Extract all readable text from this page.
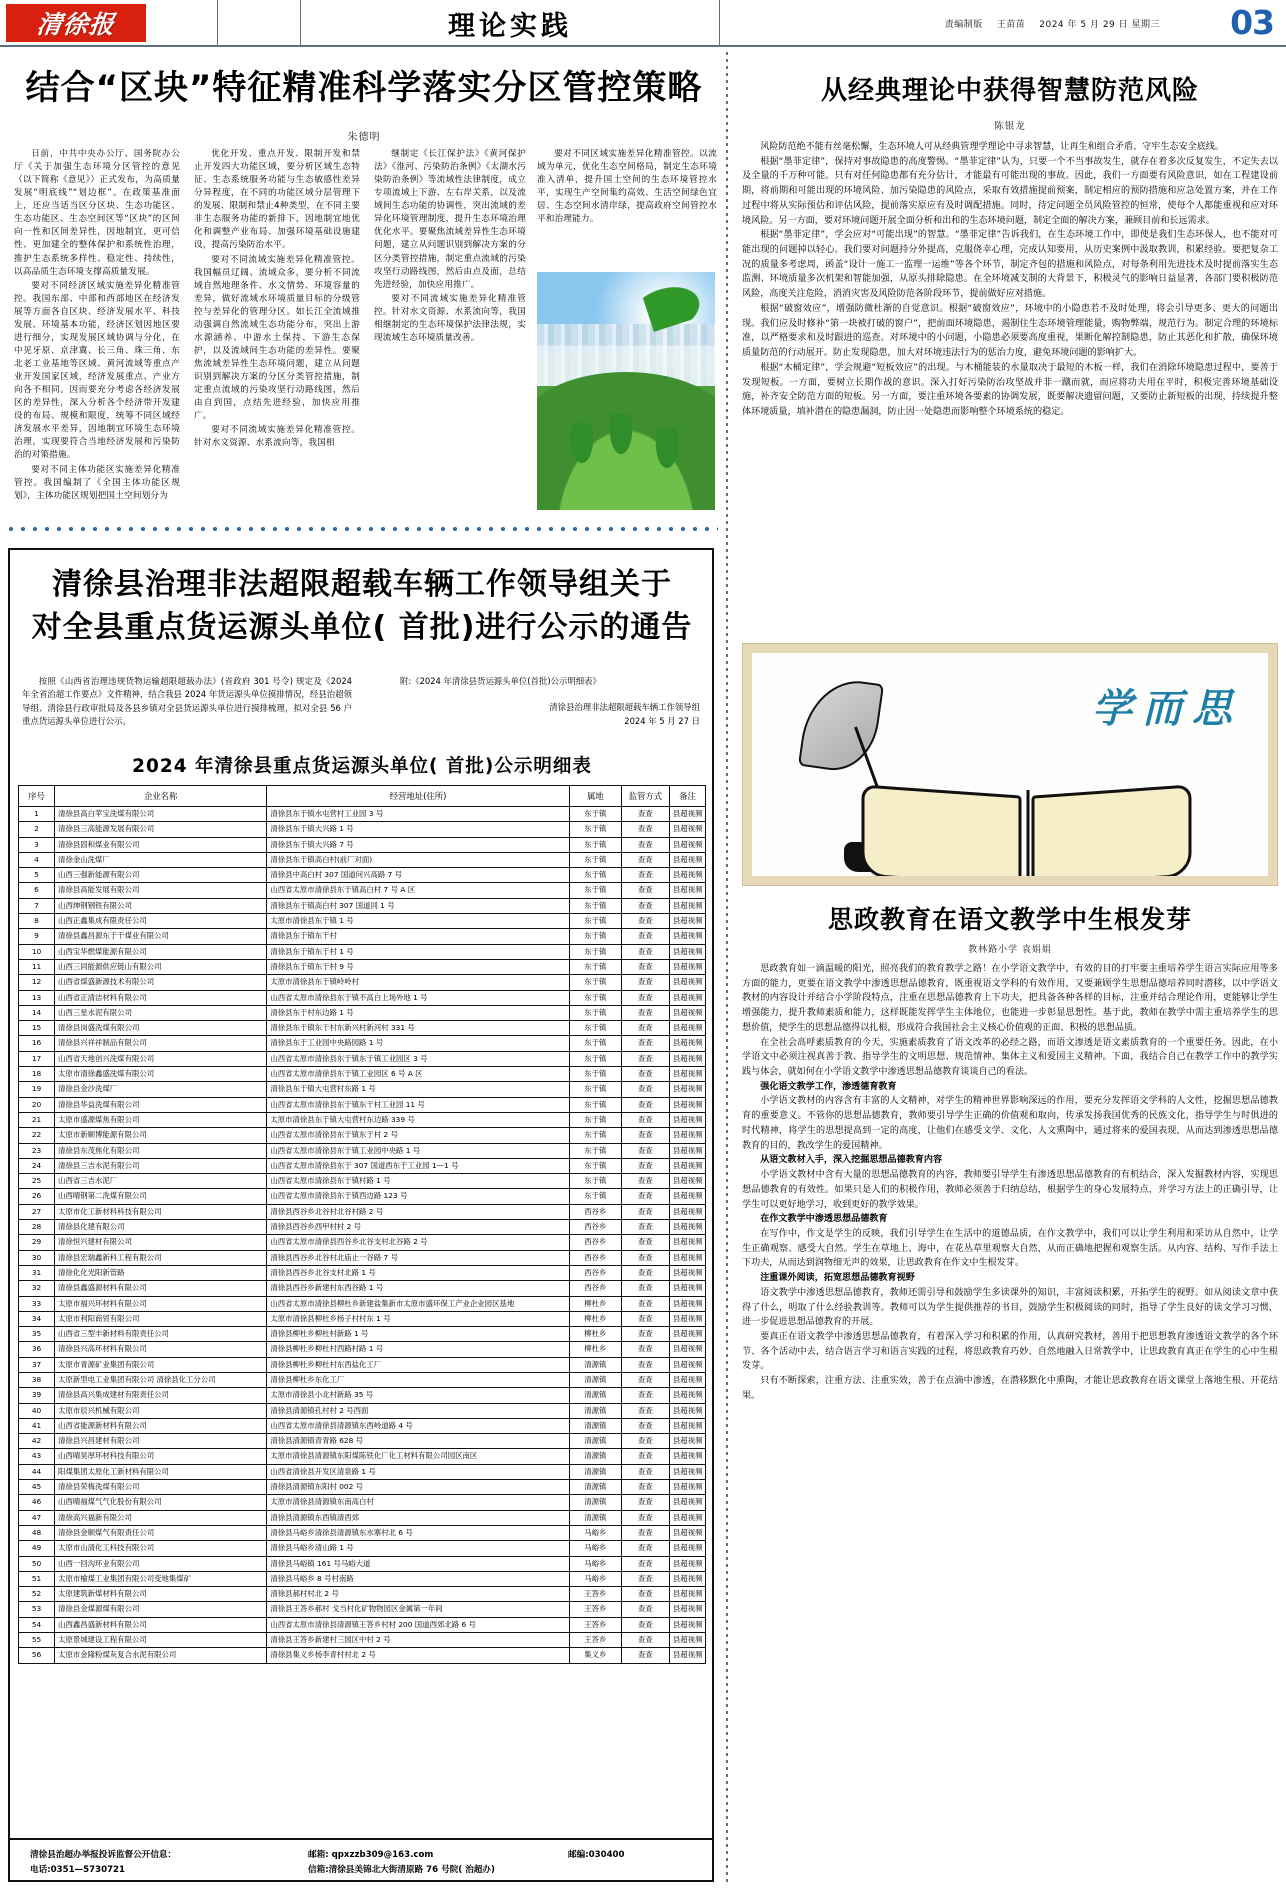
清徐报	理论实践	责编制版 王苗苗 2024 年 5 月 29 日 星期三 03
结合“区块”特征精准科学落实分区管控策略
朱德明

日前，中共中央办公厅、国务院办公厅《关于加强生态环境分区管控的意见（以下简称《意见》）正式发布，为高质量发展“明底线”“划边框”。在政策基准面上，还应当适当区分区块、生态功能区、生态功能区、生态空间区等“区块”的区间向一性和区间差异性，因地制宜，更可信性、更加建全的整体保护和系统性治理，推护生态系统多样性、稳定性、持续性，以高品质生态环境支撑高质量发展。

要对不同经济区域实施差异化精准管控。我国东部、中部和西部地区在经济发展等方面各自区块、经济发展水平、科技发展、环境基本功能，经济区划因地区要进行细分，实现发展区域协调与分化，在中见牙原、京津冀、长三角、珠三角、东北老工业基地等区域、黄河流域等重点产业开发国家区域，经济发展重点、产业方向各不相同。因而要充分考虑各经济发展区的差异性，深入分析各个经济带开发建设的布局、规模和限度，统筹不同区域经济发展水平差异，因地制宜环境生态环境治理，实现要符合当地经济发展和污染防治的对策措施。

要对不同主体功能区实施差异化精准管控。我国编制了《全国主体功能区规划》，主体功能区规划把国土空间划分为

优化开发、重点开发、限制开发和禁止开发四大功能区域，要分析区域生态特征、生态系统服务功能与生态敏感性差异分异程度，在不同的功能区域分层管理下的发展、限制和禁止4种类型，在不同主要非生态服务功能的新排下，因地制宜地优化和调整产业布局、加强环境基础设施建设，提高污染防治水平。

要对不同流域实施差异化精准管控。我国幅员辽阔、流域众多，要分析不同流域自然地理条件、水文情势、环境容量的差异，做好流域水环境质量目标的分级管控与差异化的管理分区。如长江全流域推动强调自然流域生态功能分布，突出上游水源涵养、中游水土保持、下游生态保护，以及流域间生态功能的差异性。要聚焦流域差异性生态环境问题，建立从问题识别到解决方案的分区分类管控措施，制定重点流域的污染攻坚行动路线图，然后由自到国，点结先进经验，加快应用推广。

要对不同流域实施差异化精准管控。针对水文资源、水系流向等，我国相

继制定《长江保护法》《黄河保护法》《淮河、污染防治条例》《太湖水污染防治条例》等流域性法律制度，成立专项流域上下游、左右岸关系，以及流域间生态功能的协调性，突出流域的差异化环境管理制度，提升生态环境治理优化水平。要聚焦流域差异性生态环境问题，建立从问题识别到解决方案的分区分类管控措施，制定重点流域的污染攻坚行动路线图，然后由点及面，总结先进经验，加快应用推广。

要对不同流域实施差异化精准管控。针对水文资源、水系流向等，我国相继制定的生态环境保护法律法规，实现流域生态环境质量改善。

要对不同区域实施差异化精准管控。以流域为单元，优化生态空间格局，制定生态环境准入清单，提升国土空间的生态环境管控水平，实现生产空间集约高效、生活空间绿色宜居、生态空间水清岸绿，提高政府空间管控水平和治理能力。

清徐县治理非法超限超载车辆工作领导组关于
对全县重点货运源头单位( 首批)进行公示的通告

按照《山西省治理违规货物运输超限超载办法》(省政府 301 号令) 规定及《2024 年全省治超工作要点》文件精神，结合我县 2024 年货运源头单位摸排情况，经县治超领导组、清徐县行政审批局及各县乡镇对全县货运源头单位进行摸排梳理，拟对全县 56 户重点货运源头单位进行公示。

附:《2024 年清徐县货运源头单位(首批)公示明细表》
清徐县治理非法超限超载车辆工作领导组
2024 年 5 月 27 日
2024 年清徐县重点货运源头单位( 首批)公示明细表
序号	企业名称	经营地址(住所)	属地	监管方式	备注
1	清徐县高白苹宝洗煤有限公司	清徐县东于镇水屯营村工业园 3 号	东于镇	查查	县超视频
2	清徐县三高能源发展有限公司	清徐县东于镇大兴路 1 号	东于镇	查查	县超视频
3	清徐县固和煤业有限公司	清徐县东于镇大兴路 7 号	东于镇	查查	县超视频
4	清徐金山洗煤厂	清徐县东于镇高白村(前厂对面)	东于镇	查查	县超视频
5	山西三强新能源有限公司	清徐县中高白村 307 国道问兴高路 7 号	东于镇	查查	县超视频
6	清徐县高能发展有限公司	山西省太原市清徐县东于镇高白村 7 号 A 区	东于镇	查查	县超视频
7	山西绅钢钢铁有限公司	清徐县东于镇高白村 307 国道同 1 号	东于镇	查查	县超视频
8	山西正鑫集成有限责任公司	太原市清徐县东于镇 1 号	东于镇	查查	县超视频
9	清徐县鑫昌源东于干煤业有限公司	清徐县东于镇东干村	东于镇	查查	县超视频
10	山西宝华燃煤能源有限公司	清徐县东于镇东于村 1 号	东于镇	查查	县超视频
11	山西三同能源供应链山有限公司	清徐县东于镇东于村 9 号	东于镇	查查	县超视频
12	山西省煤盛新源技术有限公司	太原市清徐县东于镇岭岭村	东于镇	查查	县超视频
13	山西省正清洁材料有限公司	山西省太原市清徐县东于镇不高白上场外地 1 号	东于镇	查查	县超视频
14	山西三星水泥有限公司	清徐县东于村东边路 1 号	东于镇	查查	县超视频
15	清徐县岗盛洗煤有限公司	清徐县东于镇东于村东新兴村新河村 331 号	东于镇	查查	县超视频
16	清徐县兴祥祥制品有限公司	清徐县东于工业园中央路园路 1 号	东于镇	查查	县超视频
17	山西省天地创兴洗煤有限公司	山西省太原市清徐县东于镇东于镇工业园区 3 号	东于镇	查查	县超视频
18	太原市清徐鑫盛洗煤有限公司	山西省太原市清徐县东于镇工业园区 6 号 A 区	东于镇	查查	县超视频
19	清徐县金沙洗煤厂	清徐县东于镇大屯营村东路 1 号	东于镇	查查	县超视频
20	清徐县华益洗煤有限公司	山西省太原市清徐县东于镇东干村工业园 11 号	东于镇	查查	县超视频
21	太原市盛源煤焦有限公司	太原市清徐县东于镇大屯营村东边路 339 号	东于镇	查查	县超视频
22	太原市新顺博能源有限公司	山西省太原市清徐县东于镇东于村 2 号	东于镇	查查	县超视频
23	清徐县东茂焦化有限公司	山西省太原市清徐县东于镇工业园中央路 1 号	东于镇	查查	县超视频
24	清徐县三吉水泥有限公司	山西省太原市清徐县东于 307 国道西东于工业园 1—1 号	东于镇	查查	县超视频
25	山西省三吉水泥厂	山西省太原市清徐县东于镇村路 1 号	东于镇	查查	县超视频
26	山西晴钢第二洗煤有限公司	山西省太原市清徐县东于镇西边路 123 号	东于镇	查查	县超视频
27	太原市化工新材料科技有限公司	清徐县西谷乡北谷村北谷村路 2 号	西谷乡	查查	县超视频
28	清徐县化建有限公司	清徐县西谷乡西甲村村 2 号	西谷乡	查查	县超视频
29	清徐恒兴建材有限公司	山西省太原市清徐县西谷乡北谷支村北谷路 2 号	西谷乡	查查	县超视频
30	清徐县宏瑞鑫新科工程有限公司	清徐县西谷乡北谷村北庙止一谷路 7 号	西谷乡	查查	县超视频
31	清徐化化光阳新管路	清徐县西谷乡北谷支村北路 1 号	西谷乡	查查	县超视频
32	清徐县鑫盛源材料有限公司	清徐县西谷乡新建村东西谷路 1 号	西谷乡	查查	县超视频
33	太原市福兴环材料有限公司	山西省太原市清徐县柳杜乡新建盐集新市太原市盛环保工产业企业园区基地	柳杜乡	查查	县超视频
34	太原市利阳商贸有限公司	太原市清徐县柳杜乡杨子村村东 1 号	柳杜乡	查查	县超视频
35	山西省三型丰新材料有限责任公司	清徐县柳杜乡柳杜村新路 1 号	柳杜乡	查查	县超视频
36	清徐县兴高环材料有限公司	清徐县柳杜乡柳杜村西路村路 1 号	柳杜乡	查查	县超视频
37	太原市青源矿业集团有限公司	清徐县柳杜乡柳杜村东西盐化工厂	清源镇	查查	县超视频
38	太原新型电工业集团有限公司 清徐县化工分公司	清徐县柳杜乡东化工厂	清源镇	查查	县超视频
39	清徐县高兴集成建材有限责任公司	太原市清徐县小北村新路 35 号	清源镇	查查	县超视频
40	太原市辰兴机械有限公司	清徐县清源镇孔村村 2 号西面	清源镇	查查	县超视频
41	山西省能源新材料有限公司	山西省太原市清徐县清源镇东西岭道路 4 号	清源镇	查查	县超视频
42	清徐县兴昌建材有限公司	清徐县清源镇青青路 628 号	清源镇	查查	县超视频
43	山西晴昊厚环材科技有限公司	太原市清徐县清源镇东阳煤陈铁化厂化工材料有限公司园区南区	清源镇	查查	县超视频
44	阳煤集团太原化工新材料有限公司	山西省清徐县开发区清泉路 1 号	清源镇	查查	县超视频
45	清徐县荣梅洗煤有限公司	清徐县清源镇东阳村 002 号	清源镇	查查	县超视频
46	山西晴福煤气气化股份有限公司	太原市清徐县清源镇东南高白村	清源镇	查查	县超视频
47	清徐高兴福新有限公司	清徐县清源镇东西镇清西郊	清源镇	查查	县超视频
48	清徐县金顺煤气有限责任公司	清徐县马峪乡清徐县清源镇东水寨村北 6 号	马峪乡	查查	县超视频
49	太原市山清化工科技有限公司	清徐县马峪乡清山路 1 号	马峪乡	查查	县超视频
50	山西一回沟环业有限公司	清徐县马峪镇 161 号马峪大道	马峪乡	查查	县超视频
51	太原市榆煤工业集团有限公司变地集煤矿	清徐县马峪乡 8 号村南路	马峪乡	查查	县超视频
52	太原建筑新煤材料有限公司	清徐县郝村村北 2 号	王答乡	查查	县超视频
53	清徐县金煤源煤有限公司	清徐县王答乡郝村 戈当村化矿物物园区金属第一年间	王答乡	查查	县超视频
54	山西鑫昌盛新材料有限公司	山西省太原市清徐县清源镇王答乡村材 200 国道西郊北路 6 号	王答乡	查查	县超视频
55	太原景城建设工程有限公司	清徐县王答乡新建村三园区中村 2 号	王答乡	查查	县超视频
56	太原市金隆粉煤灰复合水泥有限公司	清徐县集义乡杨李青村村北 2 号	集义乡	查查	县超视频
清徐县治超办举报投诉监督公开信息：
电话:0351—5730721
邮箱: qpxzzb309@163.com
信箱:清徐县美锦北大街清原路 76 号院( 治超办)
邮编:030400
从经典理论中获得智慧防范风险
陈银龙

风险防范绝不能有丝毫松懈，生态环境人可从经典管理学理论中寻求智慧，让再生和组合矛盾、守牢生态安全底线。

根据“墨菲定律”，保持对事故隐患的高度警惕。“墨菲定律”认为，只要一个不当事故发生，就存在着多次反复发生，不定失去以及全量的千万种可能。只有对任何隐患都有充分估计，才能最有可能出现的事故。因此，我们一方面要有风险意识，如在工程建设前期，将前期和可能出现的环境风险、加污染隐患的风险点，采取有效措施提前预案，制定相应的预防措施和应急处置方案，并在工作过程中将从实际预估和评估风险，提前落实原应有及时调配措施。同时，待定问题全员风险管控的恒常，使每个人都能重视和应对环境风险。另一方面，要对环境问题开展全面分析和出和的生态环境问题，制定全面的解决方案，兼顾目前和长远需求。

根据“墨菲定律”，学会应对“可能出现”的智慧。“墨菲定律”告诉我们，在生态环境工作中，即使是我们生态环保人，也不能对可能出现的问题掉以轻心。我们要对问题持分外提高，克服侥幸心理，完成认知要用，从历史案例中汲取教训，积累经验。要把复杂工况的质量多考虑周，函盖“设计一施工一监理一运维”等各个环节，制定齐包的措施和风险点，对每条利用先进技术及时提前落实生态监测、环境质量多次机架和智能加强，从原头排除隐患。在全环境减支制的大背景下，积极灵气的影响日益显著，各部门要积极防范风险，高度关注危险，消消灾害及风险防范各阶段环节，提前做好应对措施。

根据“破窗效应”，增强防微杜渐的自觉意识。根据“破窗效应”，环境中的小隐患若不及时处理，将会引导更多、更大的问题出现。我们应及时修补“第一块被打破的窗户”，把前面环境隐患，遏制住生态环境管理能量，购物弊端，规范行为。制定合理的环境标准，以严格要求和及时跟进的巡查。对环境中的小问题，小隐患必须要高度重视，果断化解控制隐患，防止其恶化和扩散，确保环境质量防范的行动展开。防止发现隐患，加大对环境违法行为的惩治力度，避免环境问题的影响扩大。

根据“木桶定律”，学会规避“短板效应”的出现。与木桶能装的水量取决于最短的木板一样，我们在消除环境隐患过程中，要善于发现短板。一方面，要树立长期作战的意识。深入打好污染防治攻坚战并非一蹴而就，而应将功夫用在平时，积极完善环境基础设施，补齐安全防范方面的短板。另一方面，要注重环境各要素的协调发展，既要解决遗留问题，又要防止新短板的出现，持续提升整体环境质量，填补潜在的隐患漏洞，防止因一处隐患而影响整个环境系统的稳定。

学而思
思政教育在语文教学中生根发芽
教林路小学 袁娟娟

思政教育如一滴温暖的阳光，照亮我们的教育教学之路！在小学语文教学中，有效的目的打牢要主重培养学生语言实际应用等多方面的能力，更要在语文教学中渗透思想品德教育，既重视语文学科的有效作用，又要兼顾学生思想品德培养同时潜移，以中学语文教材的内容设计并结合小学阶段特点，注重在思想品德教育上下功夫，把具备各种各样的目标，注重并结合理论作用，更能够让学生增强能力，提升教师素质和能力，这样既能发挥学生主体地位，也能进一步彰显思想性。基于此，教师在教学中需主重培养学生的思想价值，使学生的思想品德得以扎根，形成符合我国社会主义核心价值观的正面、积极的思想品质。

在全社会高呼素质教育的今天，实施素质教育了语文改革的必经之路，而语文渗透是语文素质教育的一个重要任务。因此，在小学语文中必须注视真善于教、指导学生的文明思想、规范情神、集体主义和爱国主义精神。下面，我结合自己在教学工作中的教学实践与体会，就如何在小学语文教学中渗透思想品德教育谈谈自己的看法。

强化语文教学工作，渗透德育教育

小学语文教材的内容含有丰富的人文精神，对学生的精神世界影响深远的作用，要充分发挥语文学科的人文性，挖掘思想品德教育的重要意义。不管你的思想品德教育，教师要引导学生正确的价值观和取向，传承发扬我国优秀的民族文化，指导学生与时俱进的时代精神，将学生的思想提高到一定的高度，让他们在感受文学、文化、人文熏陶中，通过将来的爱国表现，从而达到渗透思想品德教育的目的，教改学生的爱国精神。

从语文教材入手，深入挖掘思想品德教育内容

小学语文教材中含有大量的思想品德教育的内容，教师要引导学生有渗透思想品德教育的有机结合，深入发掘教材内容，实现思想品德教育的有效性。如果只是人们的积极作用，教师必须善于归纳总结，根据学生的身心发展特点，并学习方法上的正确引导，让学生可以更好地学习，收到更好的教学效果。

在作文教学中渗透思想品德教育

在写作中，作文是学生的反映，我们引导学生在生活中的道德品质，在作文教学中，我们可以让学生利用和采访从自然中，让学生正确观察、感受大自然。学生在草地上、海中，在花丛草里观察大自然，从而正确地把握和观察生活。从内容、结构、写作手法上下功夫，从而达到润物细无声的效果，让思政教育在作文中生根发芽。

注重课外阅读，拓宽思想品德教育视野

语文教学中渗透思想品德教育，教师还需引导和鼓励学生多读课外的知识，丰富阅读积累，开拓学生的视野。如从阅读文章中获得了什么，明取了什么经验教训等。教师可以为学生提供推荐的书目，鼓励学生积极阅读的同时，指导了学生良好的读文学习习惯，进一步促进思想品德教育的开展。

要真正在语文教学中渗透思想品德教育，有着深入学习和积累的作用，认真研究教材，善用于把思想教育渗透语文教学的各个环节、各个活动中去，结合语言学习和语言实践的过程，将思政教育巧妙、自然地融入日常教学中，让思政教育真正在学生的心中生根发芽。

只有不断探索，注重方法、注重实效，善于在点滴中渗透，在潜移默化中熏陶，才能让思政教育在语文课堂上落地生根、开花结果。
